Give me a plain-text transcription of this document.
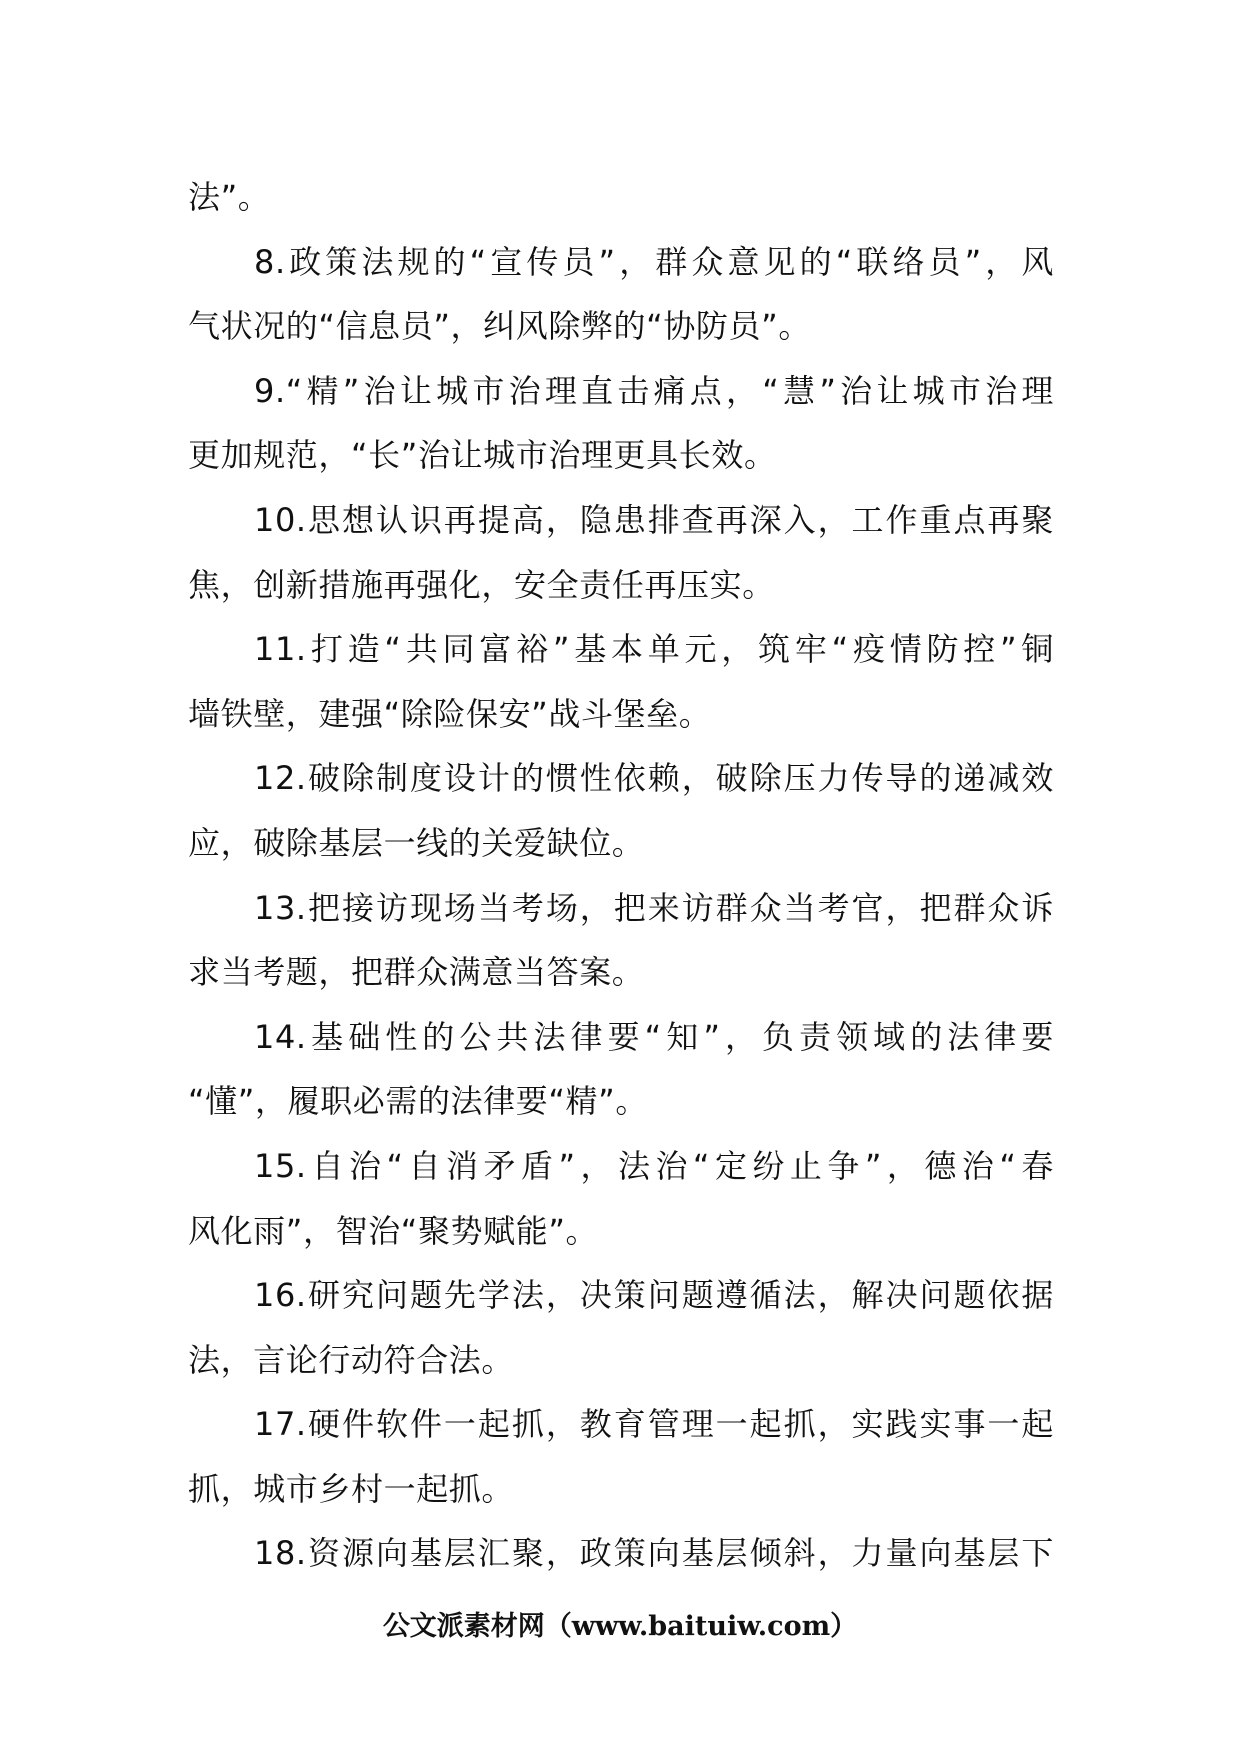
法”。
8.政策法规的“宣传员”，群众意见的“联络员”，风
气状况的“信息员”，纠风除弊的“协防员”。
9.“精”治让城市治理直击痛点，“慧”治让城市治理
更加规范，“长”治让城市治理更具长效。
10.思想认识再提高，隐患排查再深入，工作重点再聚
焦，创新措施再强化，安全责任再压实。
11.打造“共同富裕”基本单元，筑牢“疫情防控”铜
墙铁壁，建强“除险保安”战斗堡垒。
12.破除制度设计的惯性依赖，破除压力传导的递减效
应，破除基层一线的关爱缺位。
13.把接访现场当考场，把来访群众当考官，把群众诉
求当考题，把群众满意当答案。
14.基础性的公共法律要“知”，负责领域的法律要
“懂”，履职必需的法律要“精”。
15.自治“自消矛盾”，法治“定纷止争”，德治“春
风化雨”，智治“聚势赋能”。
16.研究问题先学法，决策问题遵循法，解决问题依据
法，言论行动符合法。
17.硬件软件一起抓，教育管理一起抓，实践实事一起
抓，城市乡村一起抓。
18.资源向基层汇聚，政策向基层倾斜，力量向基层下
公文派素材网（www.baituiw.com）
